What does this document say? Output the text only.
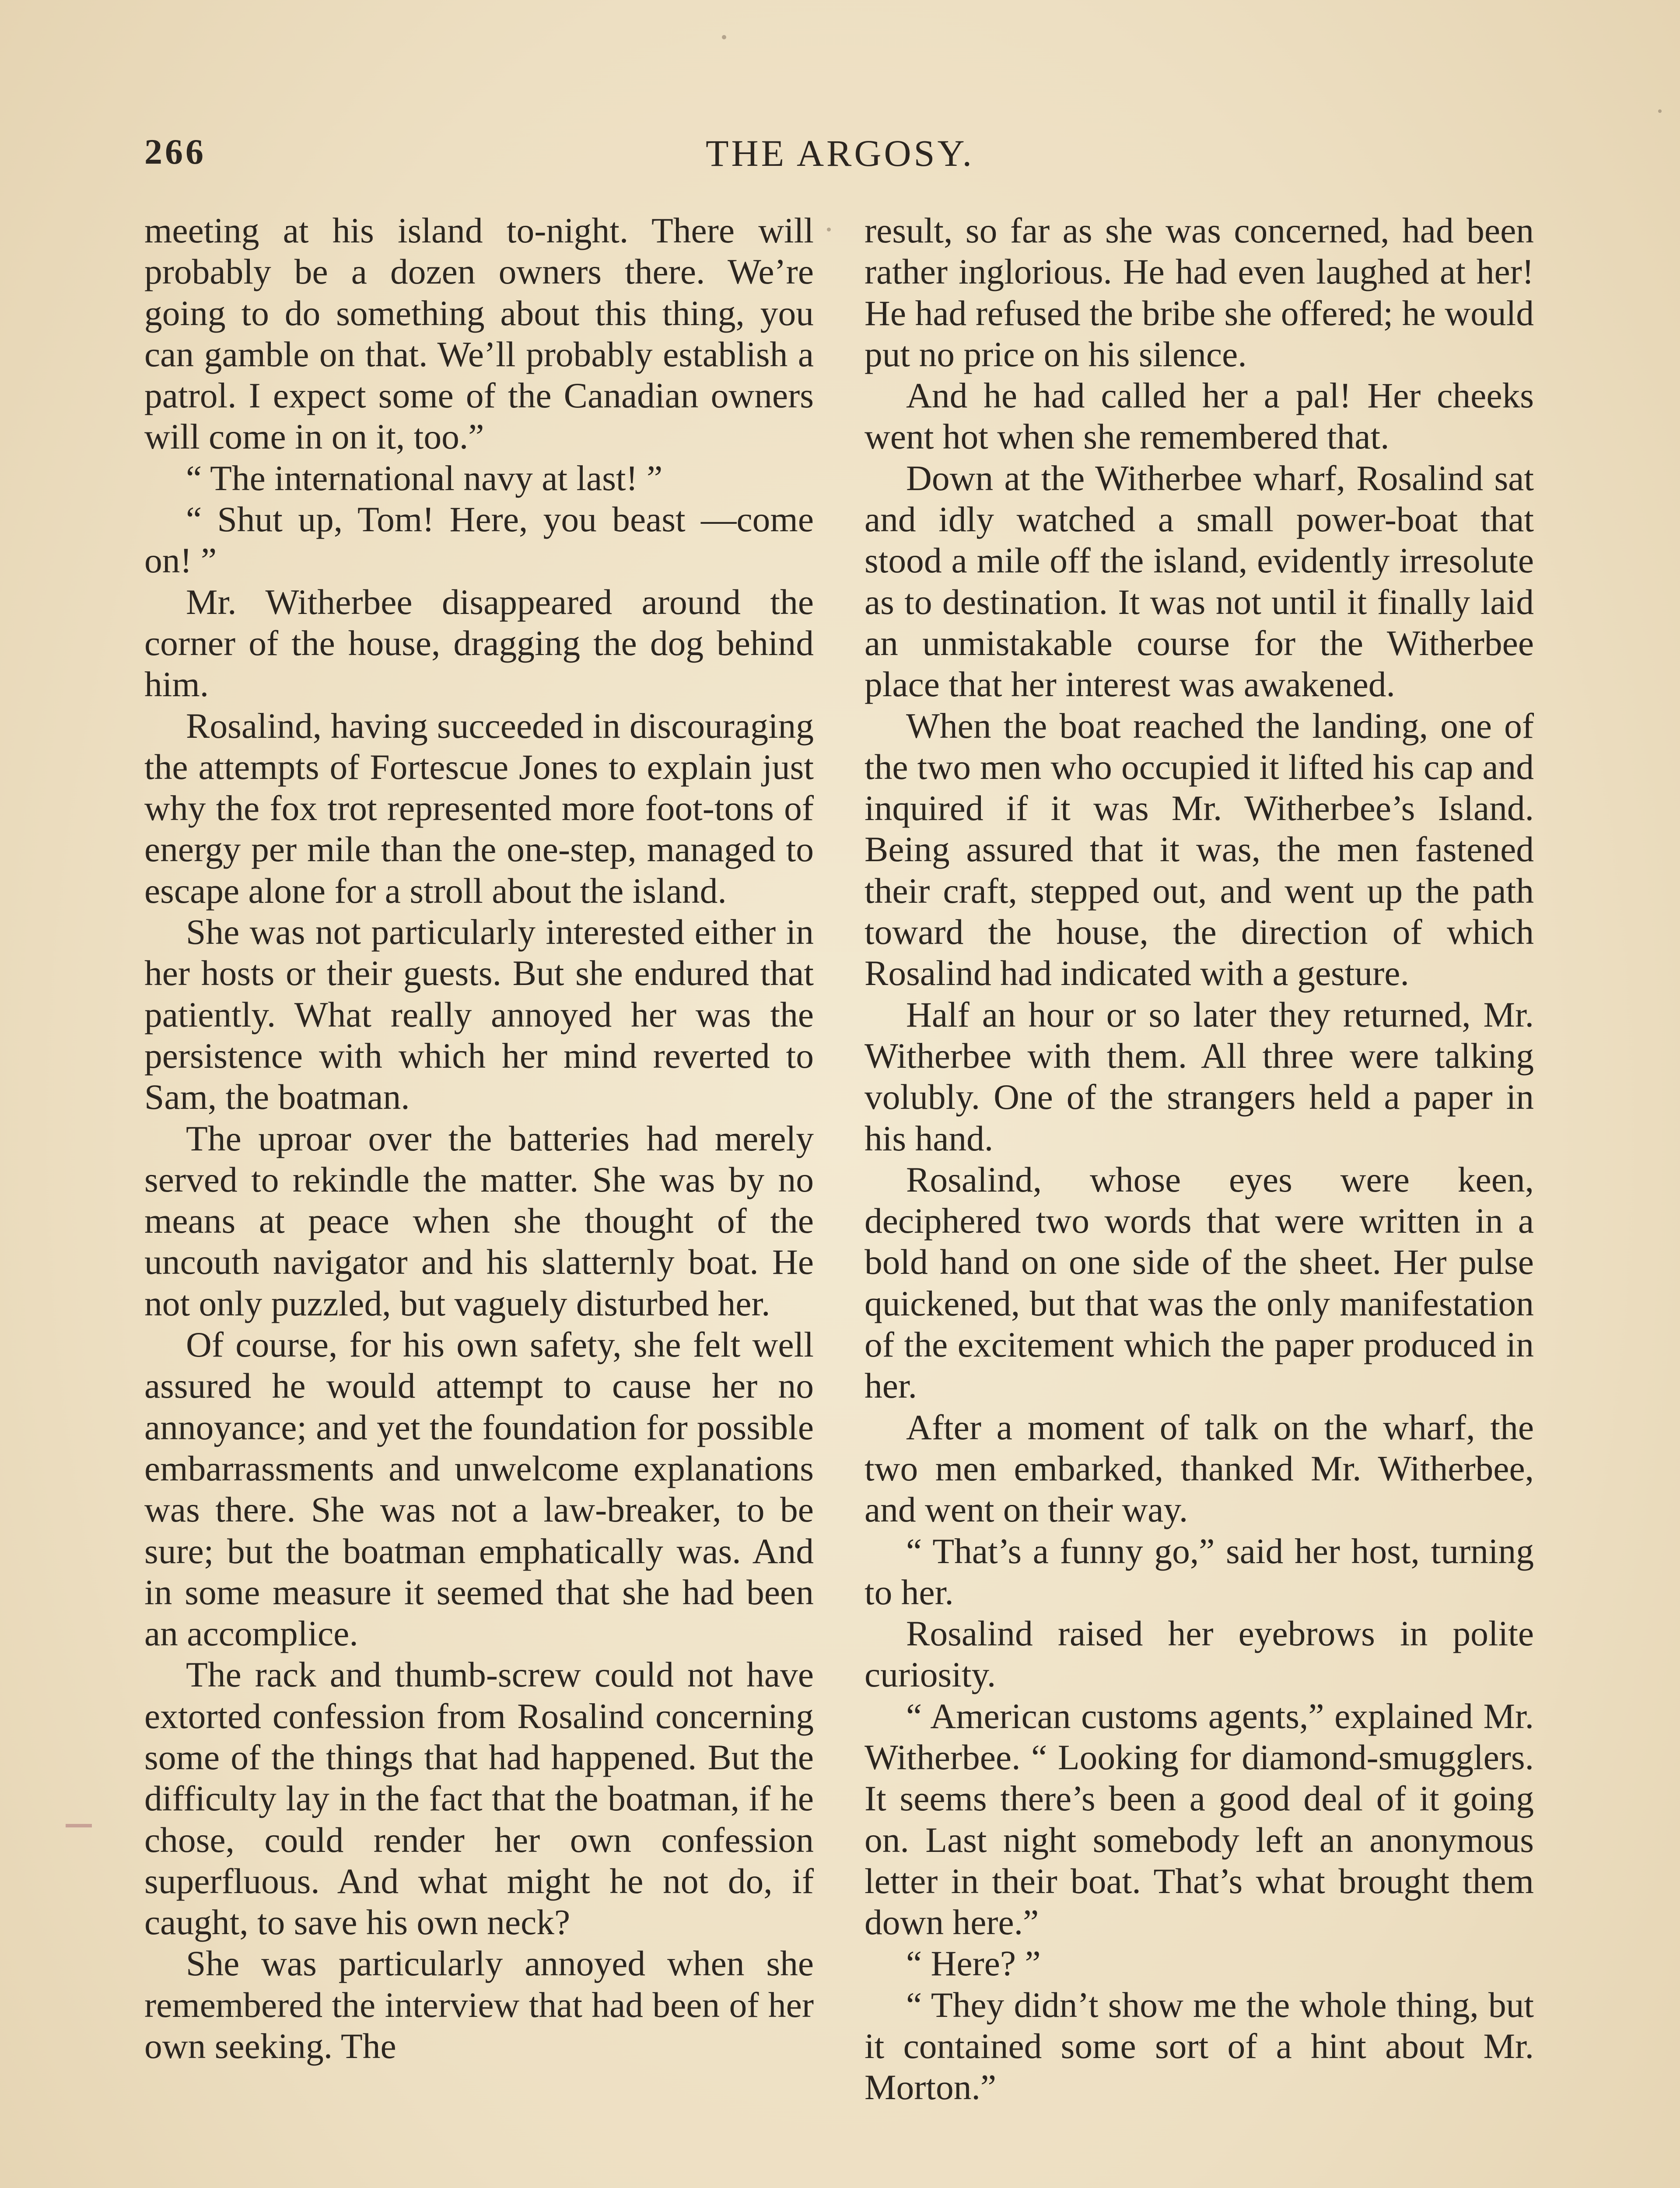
266	THE ARGOSY.

meeting at his island to-night. There will probably be a dozen owners there. We’re going to do something about this thing, you can gamble on that. We’ll probably establish a patrol. I expect some of the Canadian owners will come in on it, too.”

“ The international navy at last! ”

“ Shut up, Tom! Here, you beast —come on! ”

Mr. Witherbee disappeared around the corner of the house, dragging the dog behind him.

Rosalind, having succeeded in discouraging the attempts of Fortescue Jones to explain just why the fox trot represented more foot-tons of energy per mile than the one-step, managed to escape alone for a stroll about the island.

She was not particularly interested either in her hosts or their guests. But she endured that patiently. What really annoyed her was the persistence with which her mind reverted to Sam, the boatman.

The uproar over the batteries had merely served to rekindle the matter. She was by no means at peace when she thought of the uncouth navigator and his slatternly boat. He not only puzzled, but vaguely disturbed her.

Of course, for his own safety, she felt well assured he would attempt to cause her no annoyance; and yet the foundation for possible embarrassments and unwelcome explanations was there. She was not a law-breaker, to be sure; but the boatman emphatically was. And in some measure it seemed that she had been an accomplice.

The rack and thumb-screw could not have extorted confession from Rosalind concerning some of the things that had happened. But the difficulty lay in the fact that the boatman, if he chose, could render her own confession superfluous. And what might he not do, if caught, to save his own neck?

She was particularly annoyed when she remembered the interview that had been of her own seeking. The

result, so far as she was concerned, had been rather inglorious. He had even laughed at her! He had refused the bribe she offered; he would put no price on his silence.

And he had called her a pal! Her cheeks went hot when she remembered that.

Down at the Witherbee wharf, Rosalind sat and idly watched a small power-boat that stood a mile off the island, evidently irresolute as to destination. It was not until it finally laid an unmistakable course for the Witherbee place that her interest was awakened.

When the boat reached the landing, one of the two men who occupied it lifted his cap and inquired if it was Mr. Witherbee’s Island. Being assured that it was, the men fastened their craft, stepped out, and went up the path toward the house, the direction of which Rosalind had indicated with a gesture.

Half an hour or so later they returned, Mr. Witherbee with them. All three were talking volubly. One of the strangers held a paper in his hand.

Rosalind, whose eyes were keen, deciphered two words that were written in a bold hand on one side of the sheet. Her pulse quickened, but that was the only manifestation of the excitement which the paper produced in her.

After a moment of talk on the wharf, the two men embarked, thanked Mr. Witherbee, and went on their way.

“ That’s a funny go,” said her host, turning to her.

Rosalind raised her eyebrows in polite curiosity.

“ American customs agents,” explained Mr. Witherbee. “ Looking for diamond-smugglers. It seems there’s been a good deal of it going on. Last night somebody left an anonymous letter in their boat. That’s what brought them down here.”

“ Here? ”

“ They didn’t show me the whole thing, but it contained some sort of a hint about Mr. Morton.”
